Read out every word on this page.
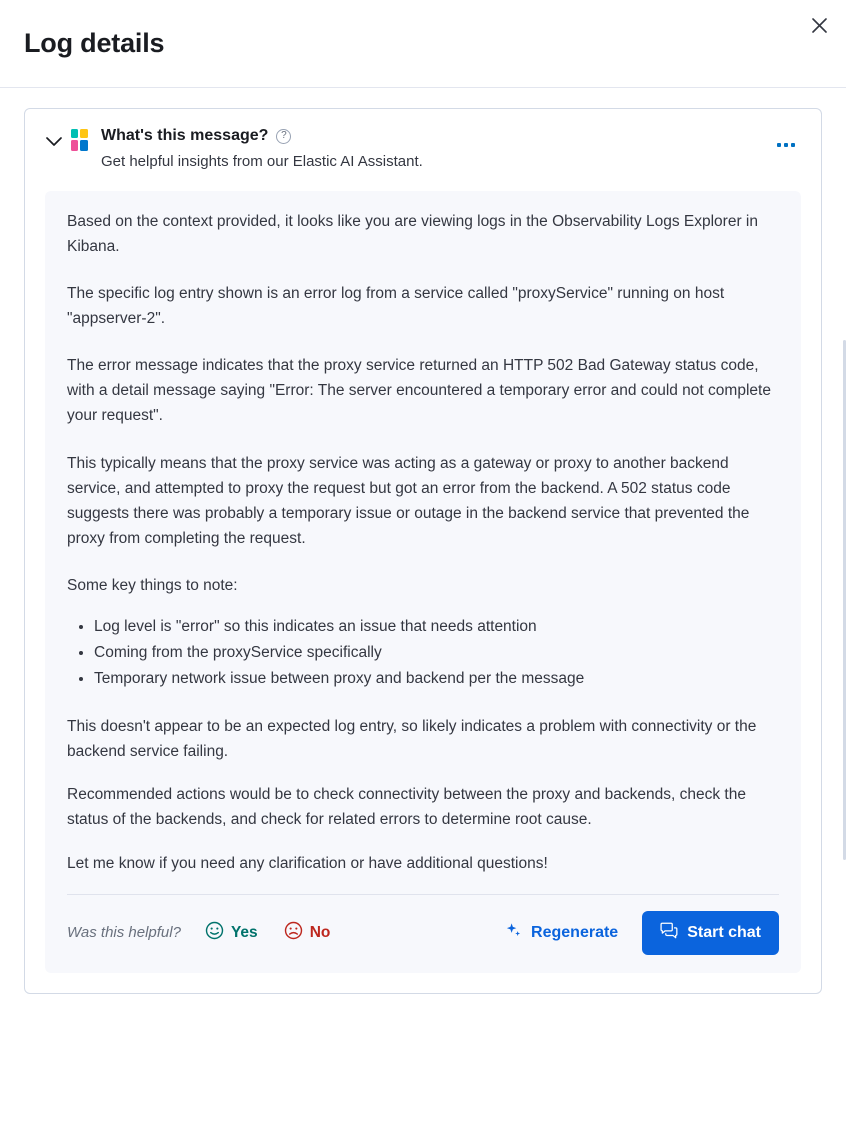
Log details
What's this message?	?
Get helpful insights from our Elastic AI Assistant.

Based on the context provided, it looks like you are viewing logs in the Observability Logs Explorer in Kibana.

The specific log entry shown is an error log from a service called "proxyService" running on host "appserver-2".

The error message indicates that the proxy service returned an HTTP 502 Bad Gateway status code, with a detail message saying "Error: The server encountered a temporary error and could not complete your request".

This typically means that the proxy service was acting as a gateway or proxy to another backend service, and attempted to proxy the request but got an error from the backend. A 502 status code suggests there was probably a temporary issue or outage in the backend service that prevented the proxy from completing the request.

Some key things to note:

• Log level is "error" so this indicates an issue that needs attention
• Coming from the proxyService specifically
• Temporary network issue between proxy and backend per the message

This doesn't appear to be an expected log entry, so likely indicates a problem with connectivity or the backend service failing.

Recommended actions would be to check connectivity between the proxy and backends, check the status of the backends, and check for related errors to determine root cause.

Let me know if you need any clarification or have additional questions!

Was this helpful?	Yes	No	Regenerate	Start chat
